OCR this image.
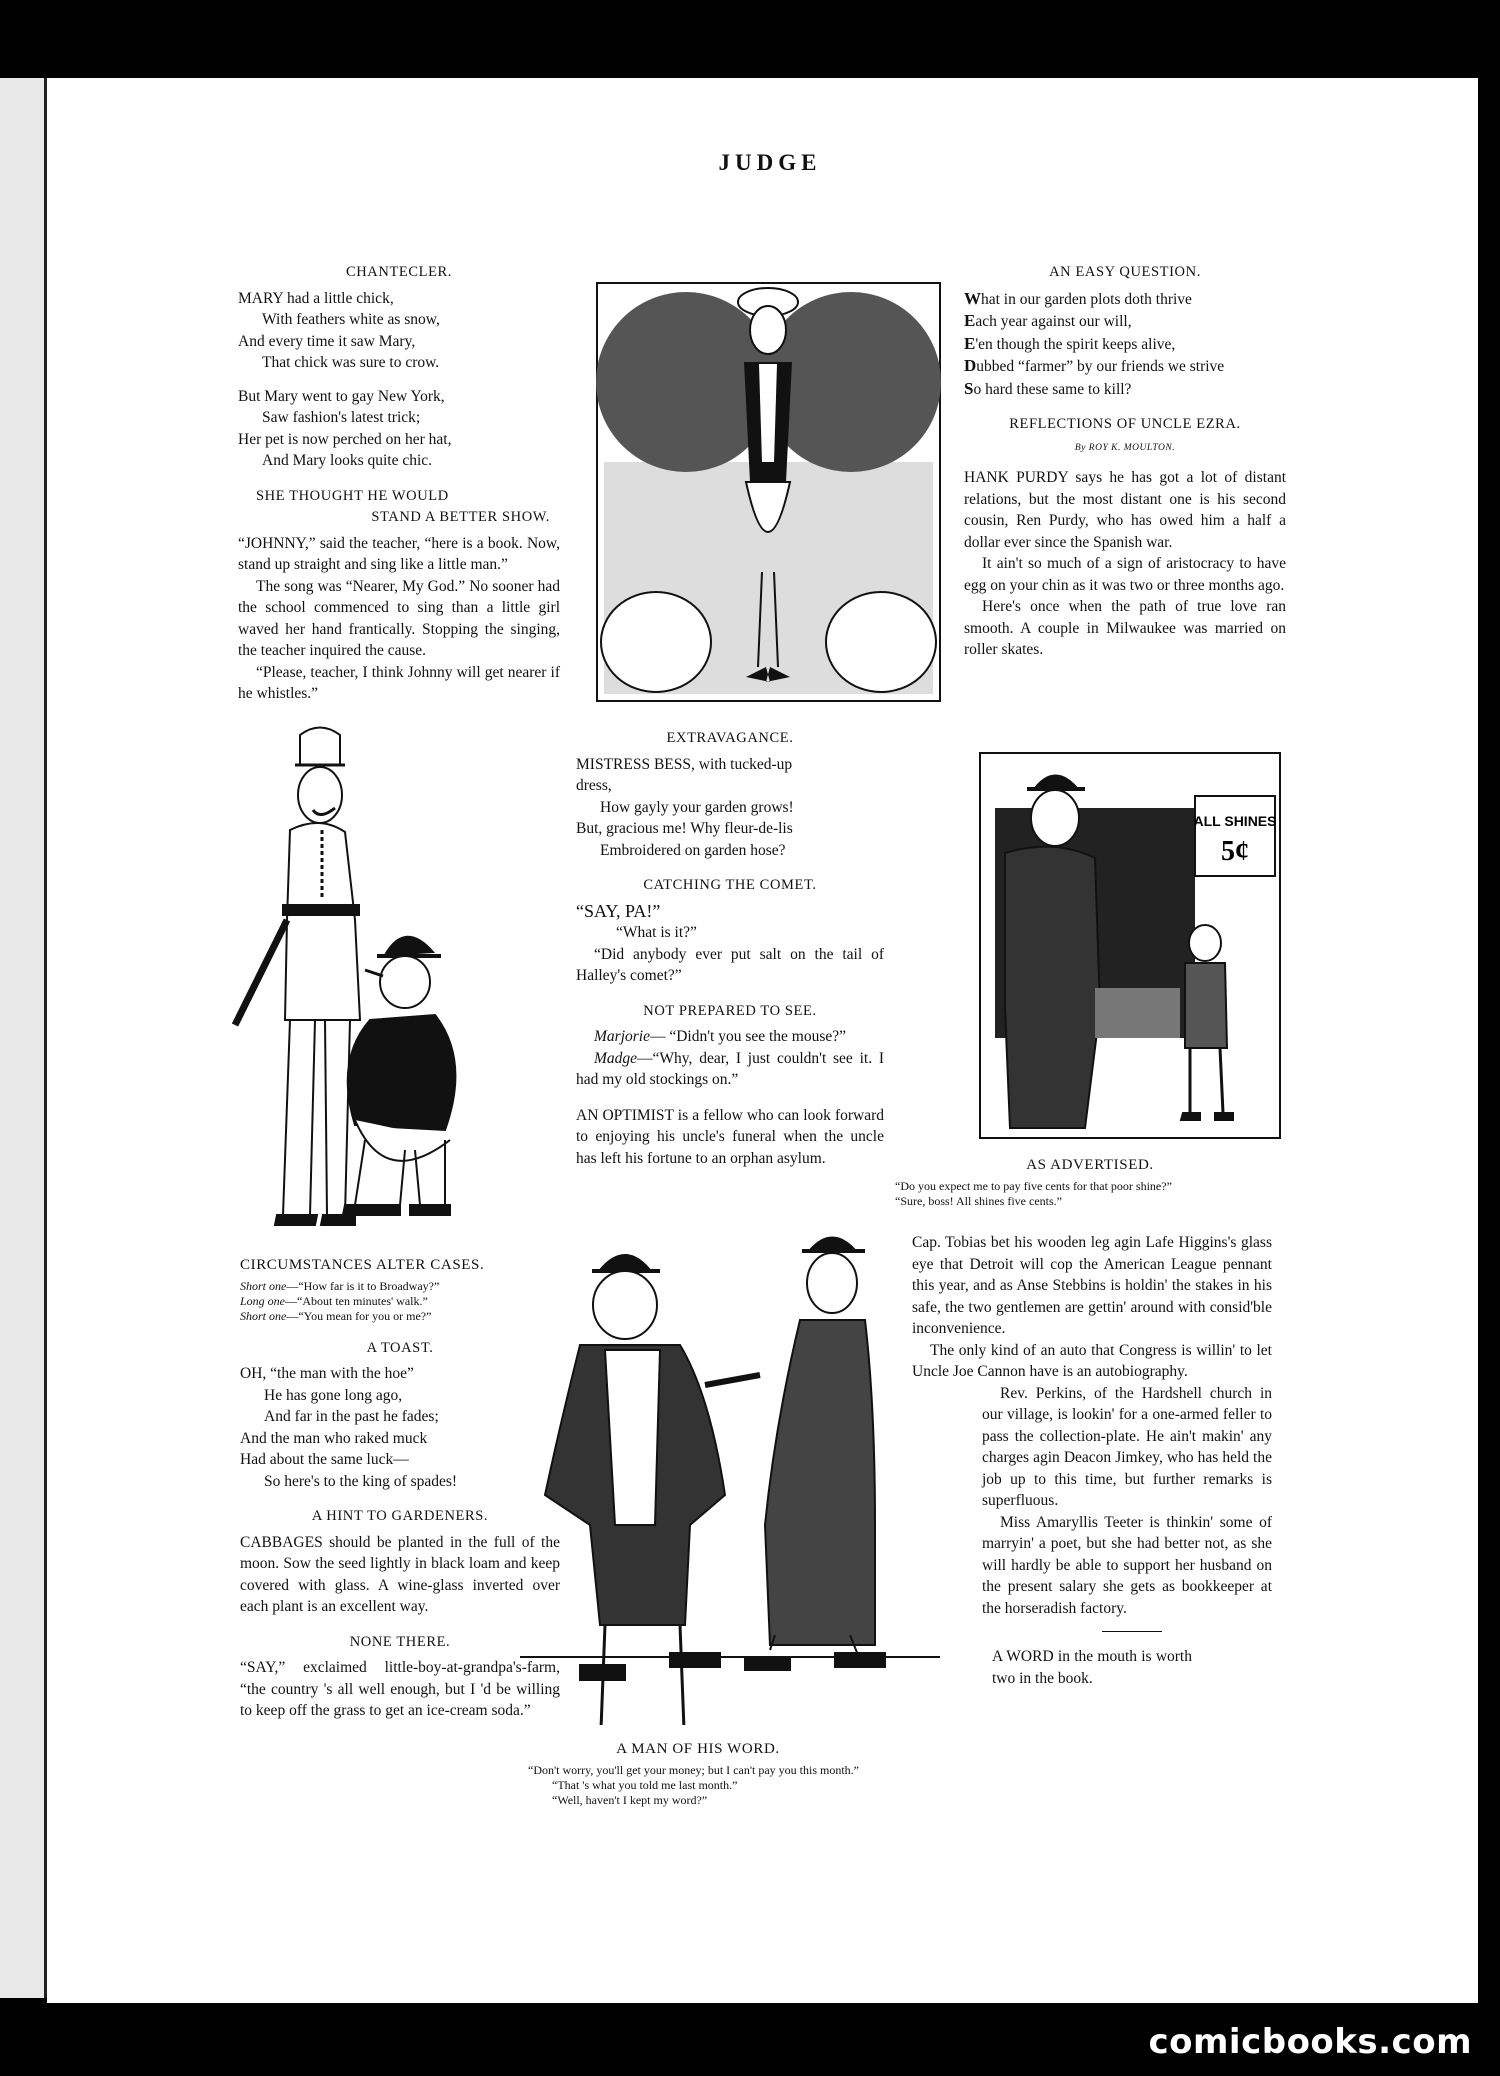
JUDGE
CHANTECLER.
MARY had a little chick,
With feathers white as snow,
And every time it saw Mary,
That chick was sure to crow.
But Mary went to gay New York,
Saw fashion's latest trick;
Her pet is now perched on her hat,
And Mary looks quite chic.
SHE THOUGHT HE WOULD
STAND A BETTER SHOW.

“JOHNNY,” said the teacher, “here is a book. Now, stand up straight and sing like a little man.”

The song was “Nearer, My God.” No sooner had the school commenced to sing than a little girl waved her hand frantically. Stopping the singing, the teacher inquired the cause.

“Please, teacher, I think Johnny will get nearer if he whistles.”

CIRCUMSTANCES ALTER CASES.
Short one—“How far is it to Broadway?”
Long one—“About ten minutes' walk.”
Short one—“You mean for you or me?”
A TOAST.
OH, “the man with the hoe”
He has gone long ago,
And far in the past he fades;
And the man who raked muck
Had about the same luck—
So here's to the king of spades!
A HINT TO GARDENERS.

CABBAGES should be planted in the full of the moon. Sow the seed lightly in black loam and keep covered with glass. A wine-glass inverted over each plant is an excellent way.

NONE THERE.

“SAY,” exclaimed little-boy-at-grandpa's-farm, “the country 's all well enough, but I 'd be willing to keep off the grass to get an ice-cream soda.”

EXTRAVAGANCE.
MISTRESS BESS, with tucked-up dress,
How gayly your garden grows!
But, gracious me! Why fleur-de-lis
Embroidered on garden hose?
CATCHING THE COMET.

“SAY, PA!”

“What is it?”

“Did anybody ever put salt on the tail of Halley's comet?”

NOT PREPARED TO SEE.

Marjorie— “Didn't you see the mouse?”

Madge—“Why, dear, I just couldn't see it. I had my old stockings on.”

AN OPTIMIST is a fellow who can look forward to enjoying his uncle's funeral when the uncle has left his fortune to an orphan asylum.

A MAN OF HIS WORD.
“Don't worry, you'll get your money; but I can't pay you this month.”
“That 's what you told me last month.”
“Well, haven't I kept my word?”
AN EASY QUESTION.
What in our garden plots doth thrive
Each year against our will,
E'en though the spirit keeps alive,
Dubbed “farmer” by our friends we strive
So hard these same to kill?
REFLECTIONS OF UNCLE EZRA.
By ROY K. MOULTON.

HANK PURDY says he has got a lot of distant relations, but the most distant one is his second cousin, Ren Purdy, who has owed him a half a dollar ever since the Spanish war.

It ain't so much of a sign of aristocracy to have egg on your chin as it was two or three months ago.

Here's once when the path of true love ran smooth. A couple in Milwaukee was married on roller skates.

ALL SHINES
5¢
AS ADVERTISED.
“Do you expect me to pay five cents for that poor shine?”
“Sure, boss! All shines five cents.”

Cap. Tobias bet his wooden leg agin Lafe Higgins's glass eye that Detroit will cop the American League pennant this year, and as Anse Stebbins is holdin' the stakes in his safe, the two gentlemen are gettin' around with consid'ble inconvenience.

The only kind of an auto that Congress is willin' to let Uncle Joe Cannon have is an autobiography.

Rev. Perkins, of the Hardshell church in our village, is lookin' for a one-armed feller to pass the collection-plate. He ain't makin' any charges agin Deacon Jimkey, who has held the job up to this time, but further remarks is superfluous.

Miss Amaryllis Teeter is thinkin' some of marryin' a poet, but she had better not, as she will hardly be able to support her husband on the present salary she gets as bookkeeper at the horseradish factory.

A WORD in the mouth is worth two in the book.

comicbooks.com
